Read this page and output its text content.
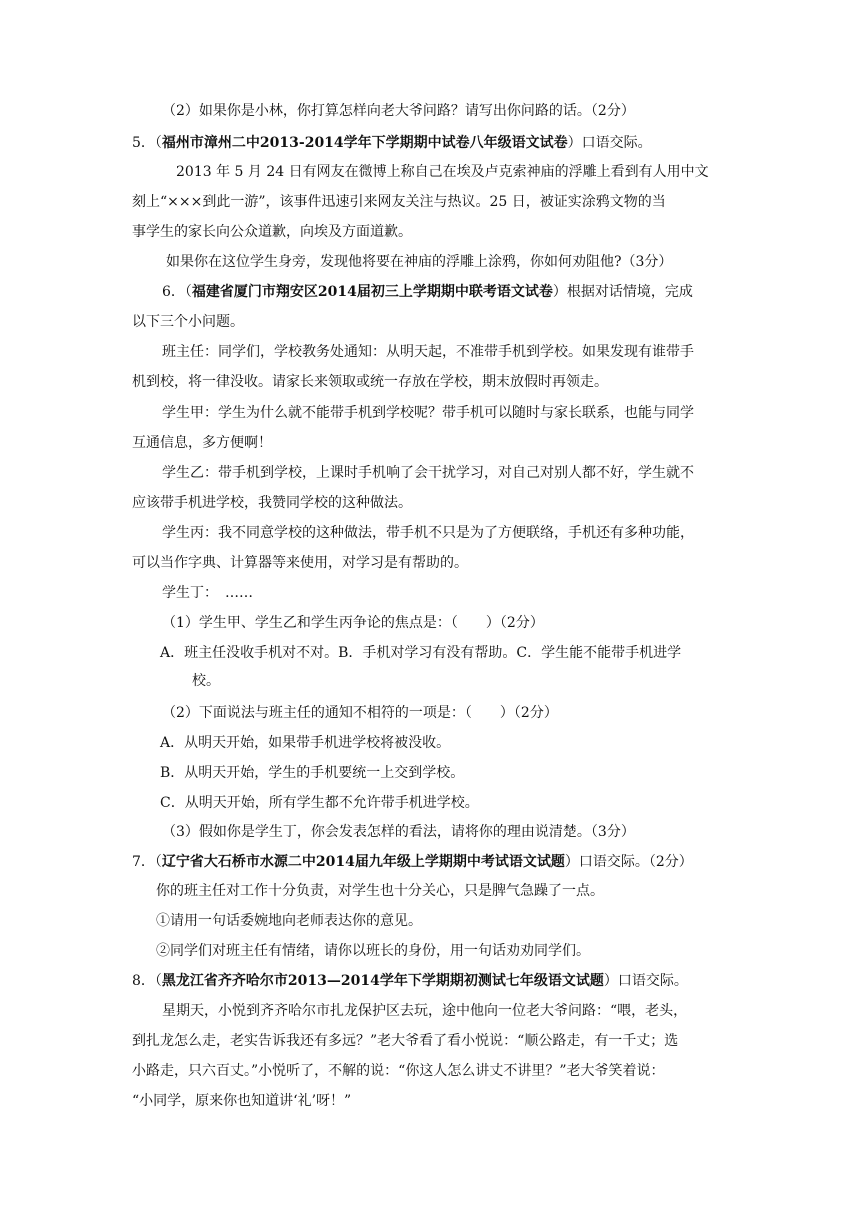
（2）如果你是小林，你打算怎样向老大爷问路？请写出你问路的话。（2分）
5．（福州市漳州二中2013-2014学年下学期期中试卷八年级语文试卷）口语交际。
2013 年 5 月 24 日有网友在微博上称自己在埃及卢克索神庙的浮雕上看到有人用中文
刻上“×××到此一游”，该事件迅速引来网友关注与热议。25 日，被证实涂鸦文物的当
事学生的家长向公众道歉，向埃及方面道歉。
如果你在这位学生身旁，发现他将要在神庙的浮雕上涂鸦，你如何劝阻他?（3分）
6．（福建省厦门市翔安区2014届初三上学期期中联考语文试卷）根据对话情境，完成
以下三个小问题。
班主任：同学们，学校教务处通知：从明天起，不准带手机到学校。如果发现有谁带手
机到校，将一律没收。请家长来领取或统一存放在学校，期末放假时再领走。
学生甲：学生为什么就不能带手机到学校呢？带手机可以随时与家长联系，也能与同学
互通信息，多方便啊！
学生乙：带手机到学校，上课时手机响了会干扰学习，对自己对别人都不好，学生就不
应该带手机进学校，我赞同学校的这种做法。
学生丙：我不同意学校的这种做法，带手机不只是为了方便联络，手机还有多种功能，
可以当作字典、计算器等来使用，对学习是有帮助的。
学生丁：　……
（1）学生甲、学生乙和学生丙争论的焦点是：（　　）（2分）
A．班主任没收手机对不对。B．手机对学习有没有帮助。C．学生能不能带手机进学
校。
（2）下面说法与班主任的通知不相符的一项是：（　　）（2分）
A．从明天开始，如果带手机进学校将被没收。
B．从明天开始，学生的手机要统一上交到学校。
C．从明天开始，所有学生都不允许带手机进学校。
（3）假如你是学生丁，你会发表怎样的看法，请将你的理由说清楚。（3分）
7．（辽宁省大石桥市水源二中2014届九年级上学期期中考试语文试题）口语交际。（2分）
你的班主任对工作十分负责，对学生也十分关心，只是脾气急躁了一点。
①请用一句话委婉地向老师表达你的意见。
②同学们对班主任有情绪，请你以班长的身份，用一句话劝劝同学们。
8．（黑龙江省齐齐哈尔市2013—2014学年下学期期初测试七年级语文试题）口语交际。
星期天，小悦到齐齐哈尔市扎龙保护区去玩，途中他向一位老大爷问路：“喂，老头，
到扎龙怎么走，老实告诉我还有多远？”老大爷看了看小悦说：“顺公路走，有一千丈；选
小路走，只六百丈。”小悦听了，不解的说：“你这人怎么讲丈不讲里？”老大爷笑着说：
“小同学，原来你也知道讲‘礼’呀！”
